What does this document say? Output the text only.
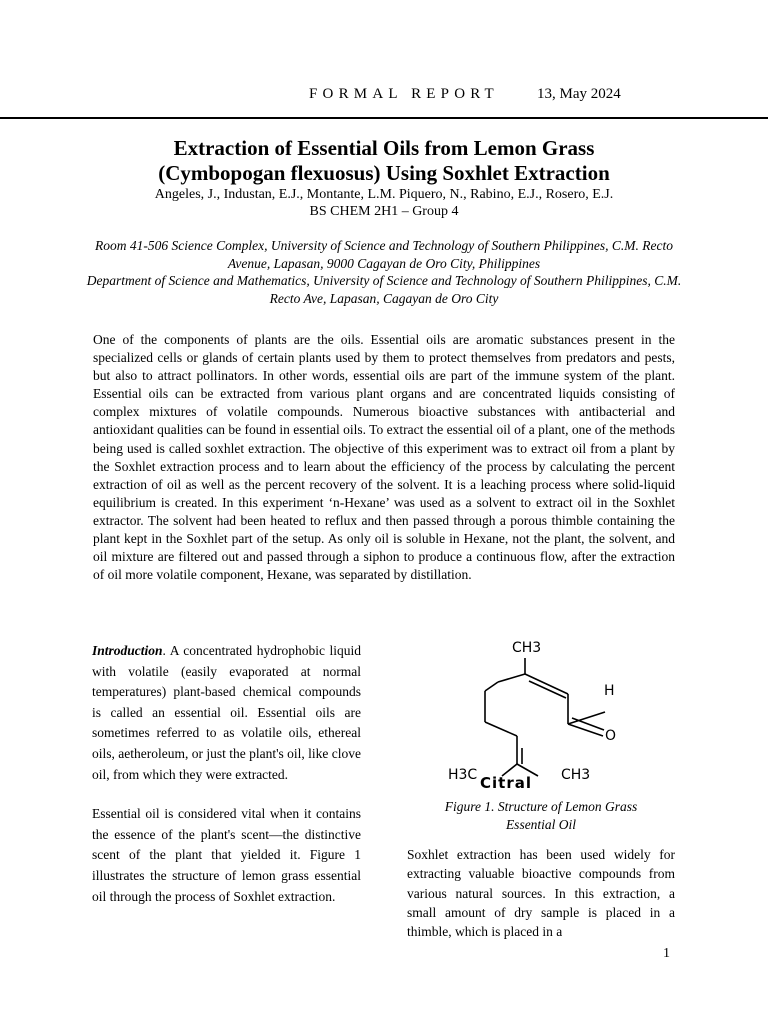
FORMAL REPORT	13, May 2024
Extraction of Essential Oils from Lemon Grass
(Cymbopogan flexuosus) Using Soxhlet Extraction
Angeles, J., Industan, E.J., Montante, L.M. Piquero, N., Rabino, E.J., Rosero, E.J.
BS CHEM 2H1 – Group 4
Room 41-506 Science Complex, University of Science and Technology of Southern Philippines, C.M. Recto Avenue, Lapasan, 9000 Cagayan de Oro City, Philippines
Department of Science and Mathematics, University of Science and Technology of Southern Philippines, C.M. Recto Ave, Lapasan, Cagayan de Oro City

One of the components of plants are the oils. Essential oils are aromatic substances present in the specialized cells or glands of certain plants used by them to protect themselves from predators and pests, but also to attract pollinators. In other words, essential oils are part of the immune system of the plant. Essential oils can be extracted from various plant organs and are concentrated liquids consisting of complex mixtures of volatile compounds. Numerous bioactive substances with antibacterial and antioxidant qualities can be found in essential oils. To extract the essential oil of a plant, one of the methods being used is called soxhlet extraction. The objective of this experiment was to extract oil from a plant by the Soxhlet extraction process and to learn about the efficiency of the process by calculating the percent extraction of oil as well as the percent recovery of the solvent. It is a leaching process where solid-liquid equilibrium is created. In this experiment ‘n-Hexane’ was used as a solvent to extract oil in the Soxhlet extractor. The solvent had been heated to reflux and then passed through a porous thimble containing the plant kept in the Soxhlet part of the setup. As only oil is soluble in Hexane, not the plant, the solvent, and oil mixture are filtered out and passed through a siphon to produce a continuous flow, after the extraction of oil more volatile component, Hexane, was separated by distillation.

Introduction. A concentrated hydrophobic liquid with volatile (easily evaporated at normal temperatures) plant-based chemical compounds is called an essential oil. Essential oils are sometimes referred to as volatile oils, ethereal oils, aetheroleum, or just the plant's oil, like clove oil, from which they were extracted.

Essential oil is considered vital when it contains the essence of the plant's scent—the distinctive scent of the plant that yielded it. Figure 1 illustrates the structure of lemon grass essential oil through the process of Soxhlet extraction.

CH3
H
O
H3C	CH3
Citral
Figure 1. Structure of Lemon Grass
Essential Oil

Soxhlet extraction has been used widely for extracting valuable bioactive compounds from various natural sources. In this extraction, a small amount of dry sample is placed in a thimble, which is placed in a

1
